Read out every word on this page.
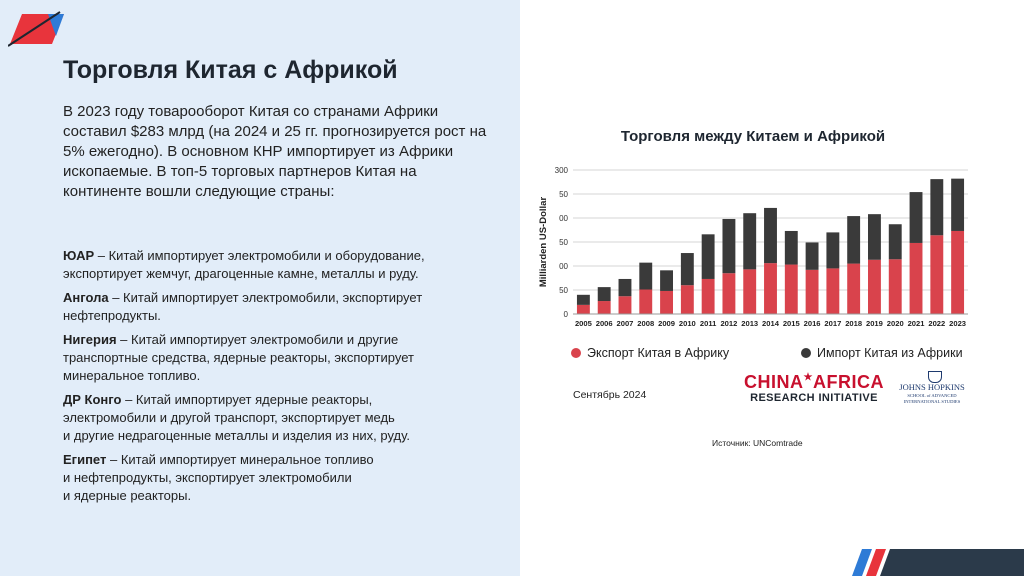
Торговля Китая с Африкой
В 2023 году товарооборот Китая со странами Африки составил $283 млрд (на 2024 и 25 гг. прогнозируется рост на 5% ежегодно). В основном КНР импортирует из Африки ископаемые. В топ-5 торговых партнеров Китая на континенте вошли следующие страны:
ЮАР – Китай импортирует электромобили и оборудование,
экспортирует жемчуг, драгоценные камне, металлы и руду.
Ангола – Китай импортирует электромобили, экспортирует
нефтепродукты.
Нигерия – Китай импортирует электромобили и другие
транспортные средства, ядерные реакторы, экспортирует
минеральное топливо.
ДР Конго – Китай импортирует ядерные реакторы,
электромобили и другой транспорт, экспортирует медь
и другие недрагоценные металлы и изделия из них, руду.
Египет – Китай импортирует минеральное топливо
и нефтепродукты, экспортирует электромобили
и ядерные реакторы.
Торговля между Китаем и Африкой
0
50
00
50
00
50
300
Milliarden US-Dollar
2005 2006 2007 2008 2009 2010 2011 2012 2013 2014 2015 2016 2017 2018 2019 2020 2021 2022 2023
Экспорт Китая в Африку	Импорт Китая из Африки
Сентябрь 2024
CHINA★AFRICA
RESEARCH INITIATIVE
JOHNS HOPKINS
SCHOOL of ADVANCED
INTERNATIONAL STUDIES
Источник: UNComtrade
